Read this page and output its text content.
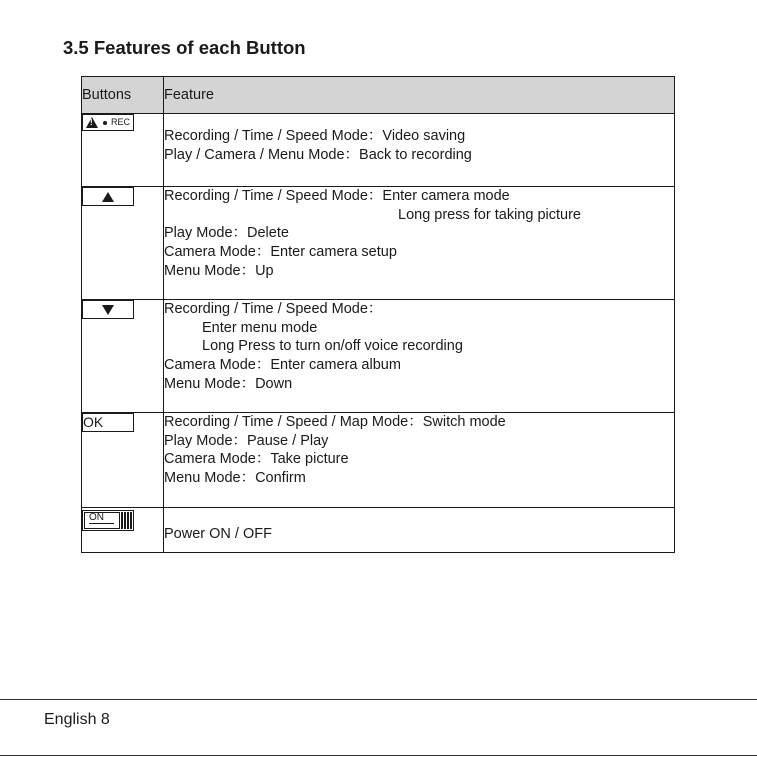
3.5 Features of each Button
Buttons	Feature

!
REC	Recording / Time / Speed Mode：Video saving
Play / Camera / Menu Mode：Back to recording

	Recording / Time / Speed Mode：Enter camera mode
Long press for taking picture
Play Mode：Delete
Camera Mode：Enter camera setup
Menu Mode：Up

	Recording / Time / Speed Mode：
Enter menu mode
Long Press to turn on/off voice recording
Camera Mode：Enter camera album
Menu Mode：Down

OK	Recording / Time / Speed / Map Mode：Switch mode
Play Mode：Pause / Play
Camera Mode：Take picture
Menu Mode：Confirm

ON	Power ON / OFF
English 8
